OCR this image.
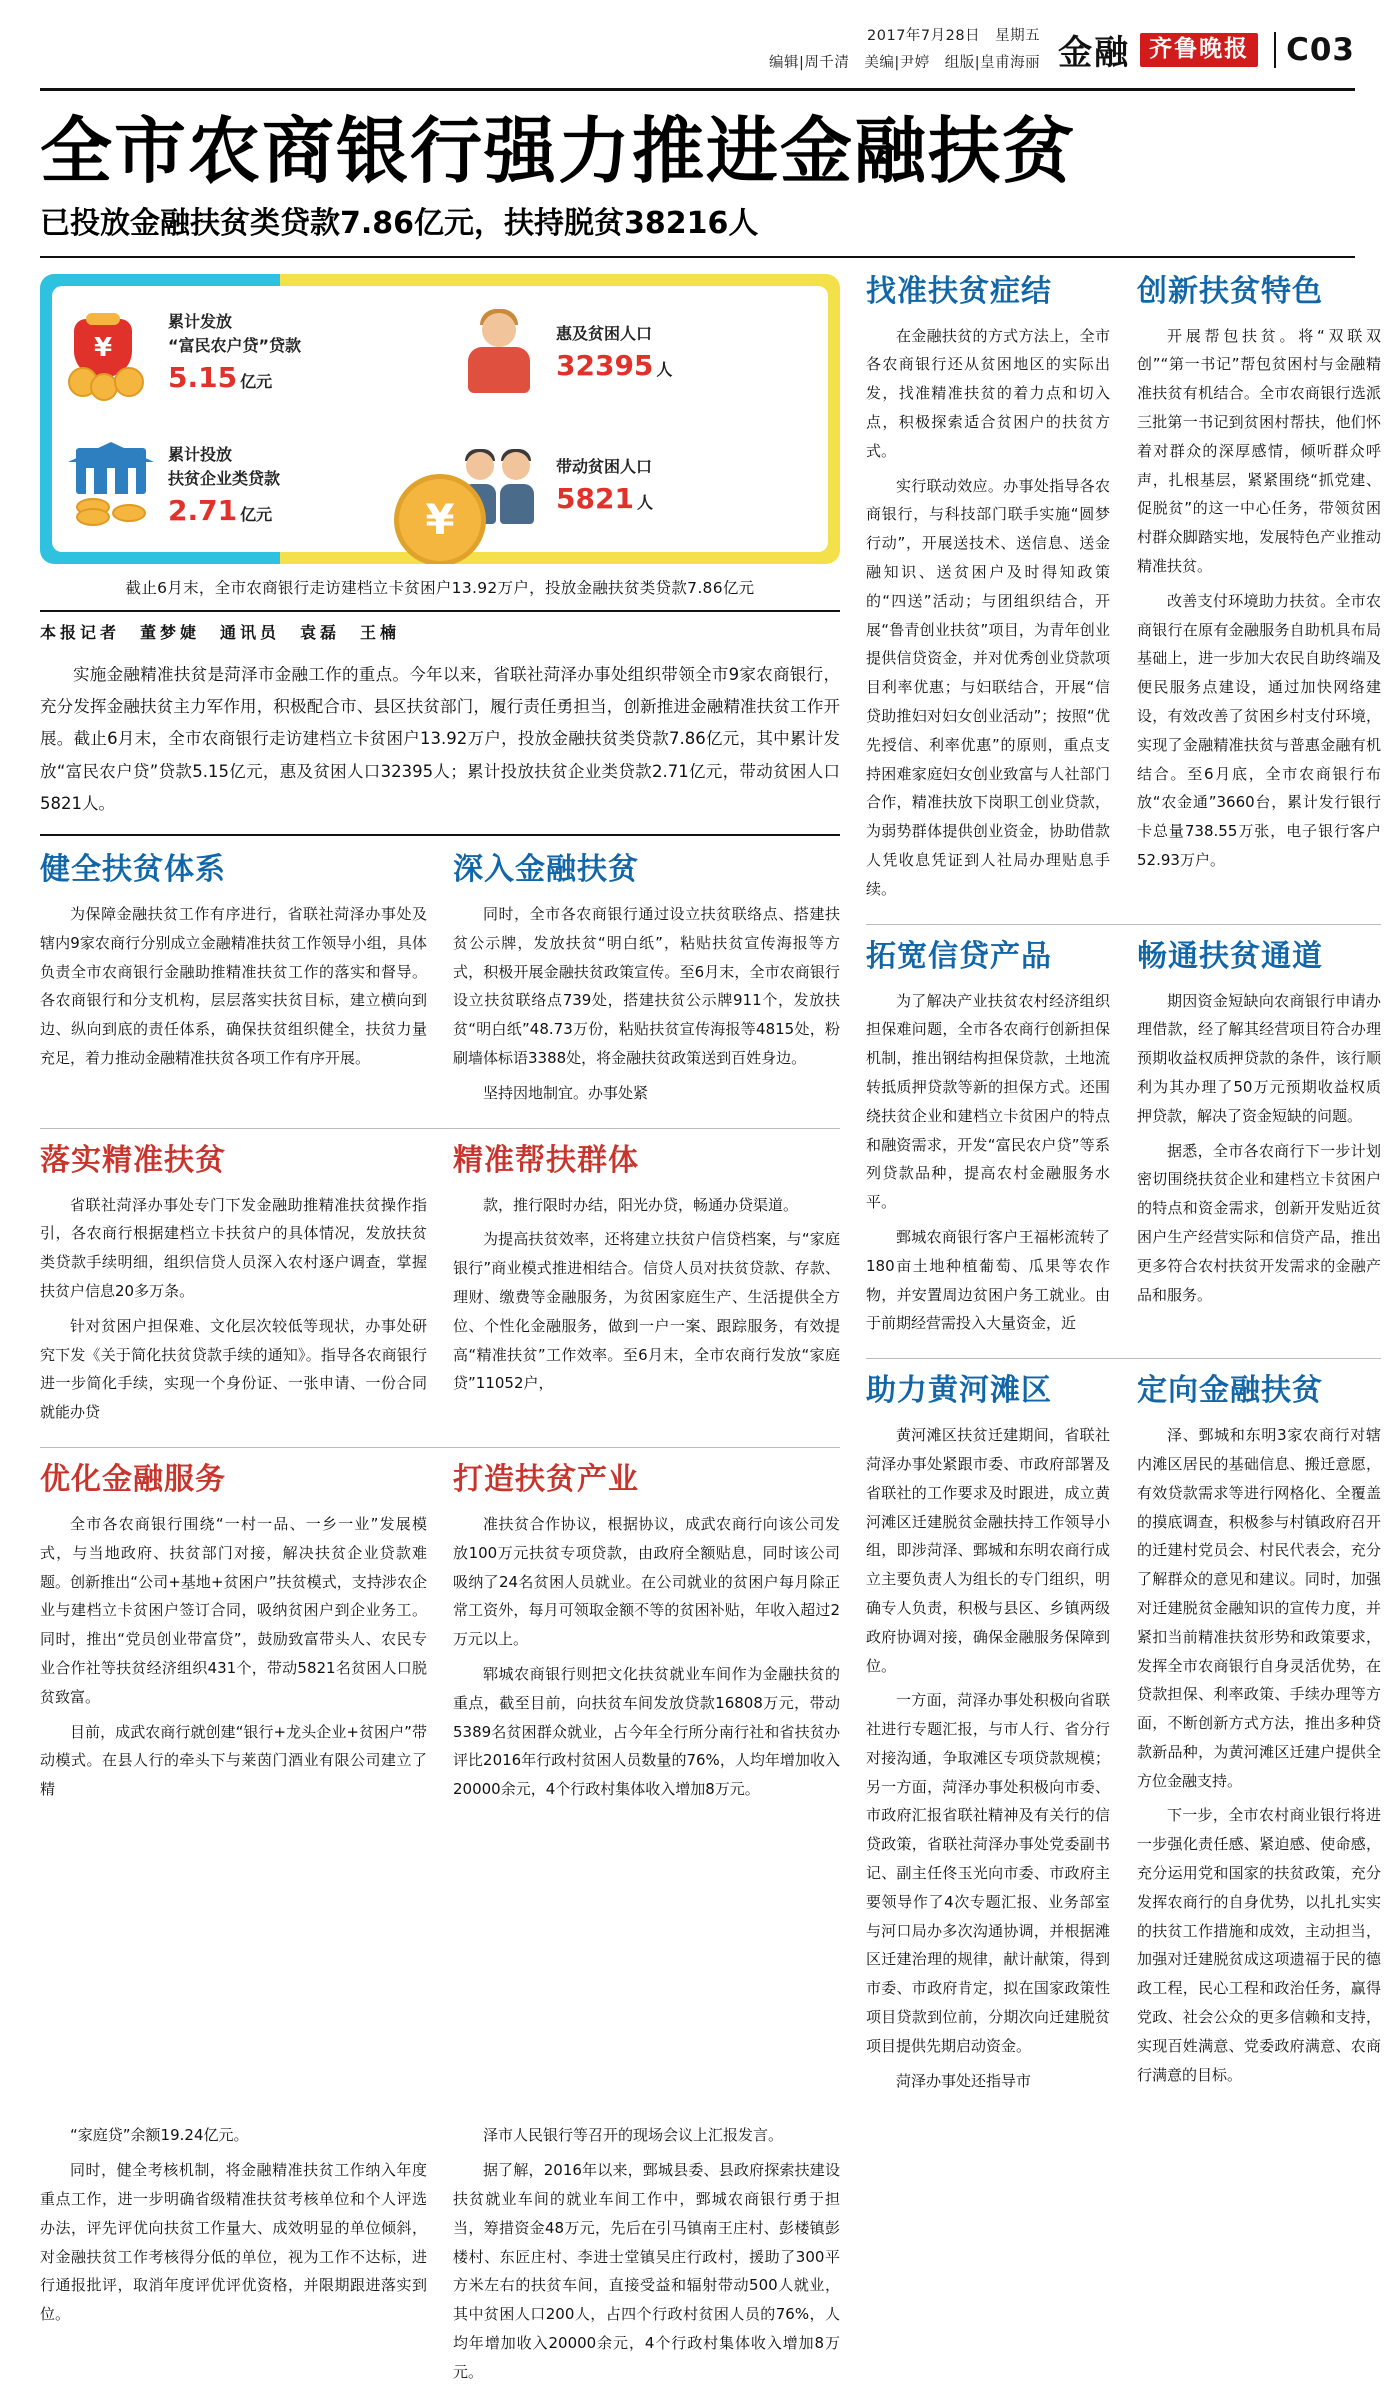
2017年7月28日　星期五
编辑|周千清　美编|尹婷　组版|皇甫海丽 金融 齐鲁晚报	C03
全市农商银行强力推进金融扶贫
已投放金融扶贫类贷款7.86亿元，扶持脱贫38216人
¥
累计发放
“富民农户贷”贷款
5.15 亿元
惠及贫困人口
32395 人
累计投放
扶贫企业类贷款
2.71 亿元
带动贫困人口
5821 人
¥
截止6月末，全市农商银行走访建档立卡贫困户13.92万户，投放金融扶贫类贷款7.86亿元
本报记者　董梦婕　通讯员　袁磊　王楠

实施金融精准扶贫是菏泽市金融工作的重点。今年以来，省联社菏泽办事处组织带领全市9家农商银行，充分发挥金融扶贫主力军作用，积极配合市、县区扶贫部门，履行责任勇担当，创新推进金融精准扶贫工作开展。截止6月末，全市农商银行走访建档立卡贫困户13.92万户，投放金融扶贫类贷款7.86亿元，其中累计发放“富民农户贷”贷款5.15亿元，惠及贫困人口32395人；累计投放扶贫企业类贷款2.71亿元，带动贫困人口5821人。

健全扶贫体系

为保障金融扶贫工作有序进行，省联社菏泽办事处及辖内9家农商行分别成立金融精准扶贫工作领导小组，具体负责全市农商银行金融助推精准扶贫工作的落实和督导。各农商银行和分支机构，层层落实扶贫目标，建立横向到边、纵向到底的责任体系，确保扶贫组织健全，扶贫力量充足，着力推动金融精准扶贫各项工作有序开展。

深入金融扶贫

同时，全市各农商银行通过设立扶贫联络点、搭建扶贫公示牌，发放扶贫“明白纸”，粘贴扶贫宣传海报等方式，积极开展金融扶贫政策宣传。至6月末，全市农商银行设立扶贫联络点739处，搭建扶贫公示牌911个，发放扶贫“明白纸”48.73万份，粘贴扶贫宣传海报等4815处，粉刷墙体标语3388处，将金融扶贫政策送到百姓身边。

坚持因地制宜。办事处紧

落实精准扶贫

省联社菏泽办事处专门下发金融助推精准扶贫操作指引，各农商行根据建档立卡扶贫户的具体情况，发放扶贫类贷款手续明细，组织信贷人员深入农村逐户调查，掌握扶贫户信息20多万条。

针对贫困户担保难、文化层次较低等现状，办事处研究下发《关于简化扶贫贷款手续的通知》。指导各农商银行进一步简化手续，实现一个身份证、一张申请、一份合同就能办贷

精准帮扶群体

款，推行限时办结，阳光办贷，畅通办贷渠道。

为提高扶贫效率，还将建立扶贫户信贷档案，与“家庭银行”商业模式推进相结合。信贷人员对扶贫贷款、存款、理财、缴费等金融服务，为贫困家庭生产、生活提供全方位、个性化金融服务，做到一户一案、跟踪服务，有效提高“精准扶贫”工作效率。至6月末，全市农商行发放“家庭贷”11052户，

优化金融服务

全市各农商银行围绕“一村一品、一乡一业”发展模式，与当地政府、扶贫部门对接，解决扶贫企业贷款难题。创新推出“公司+基地+贫困户”扶贫模式，支持涉农企业与建档立卡贫困户签订合同，吸纳贫困户到企业务工。同时，推出“党员创业带富贷”，鼓励致富带头人、农民专业合作社等扶贫经济组织431个，带动5821名贫困人口脱贫致富。

目前，成武农商行就创建“银行+龙头企业+贫困户”带动模式。在县人行的牵头下与莱茵门酒业有限公司建立了精

打造扶贫产业

准扶贫合作协议，根据协议，成武农商行向该公司发放100万元扶贫专项贷款，由政府全额贴息，同时该公司吸纳了24名贫困人员就业。在公司就业的贫困户每月除正常工资外，每月可领取金额不等的贫困补贴，年收入超过2万元以上。

郓城农商银行则把文化扶贫就业车间作为金融扶贫的重点，截至目前，向扶贫车间发放贷款16808万元，带动5389名贫困群众就业，占今年全行所分南行社和省扶贫办评比2016年行政村贫困人员数量的76%，人均年增加收入20000余元，4个行政村集体收入增加8万元。

找准扶贫症结

在金融扶贫的方式方法上，全市各农商银行还从贫困地区的实际出发，找准精准扶贫的着力点和切入点，积极探索适合贫困户的扶贫方式。

实行联动效应。办事处指导各农商银行，与科技部门联手实施“圆梦行动”，开展送技术、送信息、送金融知识、送贫困户及时得知政策的“四送”活动；与团组织结合，开展“鲁青创业扶贫”项目，为青年创业提供信贷资金，并对优秀创业贷款项目利率优惠；与妇联结合，开展“信贷助推妇对妇女创业活动”；按照“优先授信、利率优惠”的原则，重点支持困难家庭妇女创业致富与人社部门合作，精准扶放下岗职工创业贷款，为弱势群体提供创业资金，协助借款人凭收息凭证到人社局办理贴息手续。

创新扶贫特色

开展帮包扶贫。将“双联双创”“第一书记”帮包贫困村与金融精准扶贫有机结合。全市农商银行选派三批第一书记到贫困村帮扶，他们怀着对群众的深厚感情，倾听群众呼声，扎根基层，紧紧围绕“抓党建、促脱贫”的这一中心任务，带领贫困村群众脚踏实地，发展特色产业推动精准扶贫。

改善支付环境助力扶贫。全市农商银行在原有金融服务自助机具布局基础上，进一步加大农民自助终端及便民服务点建设，通过加快网络建设，有效改善了贫困乡村支付环境，实现了金融精准扶贫与普惠金融有机结合。至6月底，全市农商银行布放“农金通”3660台，累计发行银行卡总量738.55万张，电子银行客户52.93万户。

拓宽信贷产品

为了解决产业扶贫农村经济组织担保难问题，全市各农商行创新担保机制，推出钢结构担保贷款，土地流转抵质押贷款等新的担保方式。还围绕扶贫企业和建档立卡贫困户的特点和融资需求，开发“富民农户贷”等系列贷款品种，提高农村金融服务水平。

鄄城农商银行客户王福彬流转了180亩土地种植葡萄、瓜果等农作物，并安置周边贫困户务工就业。由于前期经营需投入大量资金，近

畅通扶贫通道

期因资金短缺向农商银行申请办理借款，经了解其经营项目符合办理预期收益权质押贷款的条件，该行顺利为其办理了50万元预期收益权质押贷款，解决了资金短缺的问题。

据悉，全市各农商行下一步计划密切围绕扶贫企业和建档立卡贫困户的特点和资金需求，创新开发贴近贫困户生产经营实际和信贷产品，推出更多符合农村扶贫开发需求的金融产品和服务。

助力黄河滩区

黄河滩区扶贫迁建期间，省联社菏泽办事处紧跟市委、市政府部署及省联社的工作要求及时跟进，成立黄河滩区迁建脱贫金融扶持工作领导小组，即涉菏泽、鄄城和东明农商行成立主要负责人为组长的专门组织，明确专人负责，积极与县区、乡镇两级政府协调对接，确保金融服务保障到位。

一方面，菏泽办事处积极向省联社进行专题汇报，与市人行、省分行对接沟通，争取滩区专项贷款规模；另一方面，菏泽办事处积极向市委、市政府汇报省联社精神及有关行的信贷政策，省联社菏泽办事处党委副书记、副主任佟玉光向市委、市政府主要领导作了4次专题汇报、业务部室与河口局办多次沟通协调，并根据滩区迁建治理的规律，献计献策，得到市委、市政府肯定，拟在国家政策性项目贷款到位前，分期次向迁建脱贫项目提供先期启动资金。

菏泽办事处还指导市

定向金融扶贫

泽、鄄城和东明3家农商行对辖内滩区居民的基础信息、搬迁意愿，有效贷款需求等进行网格化、全覆盖的摸底调查，积极参与村镇政府召开的迁建村党员会、村民代表会，充分了解群众的意见和建议。同时，加强对迁建脱贫金融知识的宣传力度，并紧扣当前精准扶贫形势和政策要求，发挥全市农商银行自身灵活优势，在贷款担保、利率政策、手续办理等方面，不断创新方式方法，推出多种贷款新品种，为黄河滩区迁建户提供全方位金融支持。

下一步，全市农村商业银行将进一步强化责任感、紧迫感、使命感，充分运用党和国家的扶贫政策，充分发挥农商行的自身优势，以扎扎实实的扶贫工作措施和成效，主动担当，加强对迁建脱贫成这项遗福于民的德政工程，民心工程和政治任务，赢得党政、社会公众的更多信赖和支持，实现百姓满意、党委政府满意、农商行满意的目标。

“家庭贷”余额19.24亿元。

同时，健全考核机制，将金融精准扶贫工作纳入年度重点工作，进一步明确省级精准扶贫考核单位和个人评选办法，评先评优向扶贫工作量大、成效明显的单位倾斜，对金融扶贫工作考核得分低的单位，视为工作不达标，进行通报批评，取消年度评优评优资格，并限期跟进落实到位。

泽市人民银行等召开的现场会议上汇报发言。

据了解，2016年以来，鄄城县委、县政府探索扶建设扶贫就业车间的就业车间工作中，鄄城农商银行勇于担当，筹措资金48万元，先后在引马镇南王庄村、彭楼镇彭楼村、东匠庄村、李进士堂镇吴庄行政村，援助了300平方米左右的扶贫车间，直接受益和辐射带动500人就业，其中贫困人口200人，占四个行政村贫困人员的76%，人均年增加收入20000余元，4个行政村集体收入增加8万元。
